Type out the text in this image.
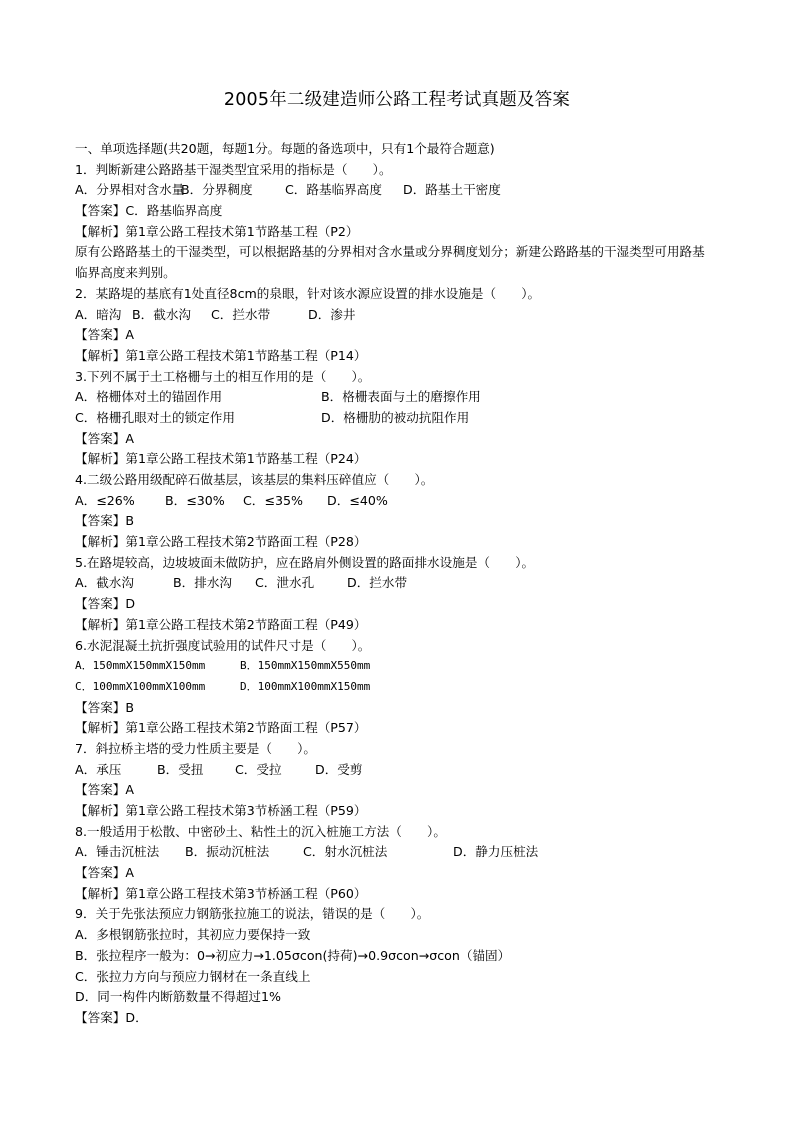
2005年二级建造师公路工程考试真题及答案
一、单项选择题(共20题，每题1分。每题的备选项中，只有1个最符合题意)
1．判断新建公路路基干湿类型宜采用的指标是（　　）。
A．分界相对含水量
B．分界稠度	C．路基临界高度	D．路基土干密度
【答案】C．路基临界高度
【解析】第1章公路工程技术第1节路基工程（P2）
原有公路路基土的干湿类型，可以根据路基的分界相对含水量或分界稠度划分；新建公路路基的干湿类型可用路基临界高度来判别。
2．某路堤的基底有1处直径8cm的泉眼，针对该水源应设置的排水设施是（　　）。
A．暗沟 B．截水沟	C．拦水带	D．渗井
【答案】A
【解析】第1章公路工程技术第1节路基工程（P14）
3.下列不属于土工格栅与土的相互作用的是（　　）。
A．格栅体对土的锚固作用	B．格栅表面与土的磨擦作用
C．格栅孔眼对土的锁定作用	D．格栅肋的被动抗阻作用
【答案】A
【解析】第1章公路工程技术第1节路基工程（P24）
4.二级公路用级配碎石做基层，该基层的集料压碎值应（　　）。
A．≤26%	B．≤30%	C．≤35%	D．≤40%
【答案】B
【解析】第1章公路工程技术第2节路面工程（P28）
5.在路堤较高，边坡坡面未做防护，应在路肩外侧设置的路面排水设施是（　　）。
A．截水沟	B．排水沟	C．泄水孔	D．拦水带
【答案】D
【解析】第1章公路工程技术第2节路面工程（P49）
6.水泥混凝土抗折强度试验用的试件尺寸是（　　）。
A．150mmX150mmX150mm	B．150mmX150mmX550mm
C．100mmX100mmX100mm	D．100mmX100mmX150mm
【答案】B
【解析】第1章公路工程技术第2节路面工程（P57）
7．斜拉桥主塔的受力性质主要是（　　）。
A．承压	B．受扭	C．受拉	D．受剪
【答案】A
【解析】第1章公路工程技术第3节桥涵工程（P59）
8.一般适用于松散、中密砂土、粘性土的沉入桩施工方法（　　）。
A．锤击沉桩法	B．振动沉桩法	C．射水沉桩法	D．静力压桩法
【答案】A
【解析】第1章公路工程技术第3节桥涵工程（P60）
9．关于先张法预应力钢筋张拉施工的说法，错误的是（　　）。
A．多根钢筋张拉时，其初应力要保持一致
B．张拉程序一般为：0→初应力→1.05σcon(持荷)→0.9σcon→σcon（锚固）
C．张拉力方向与预应力钢材在一条直线上
D．同一构件内断筋数量不得超过1%
【答案】D．
